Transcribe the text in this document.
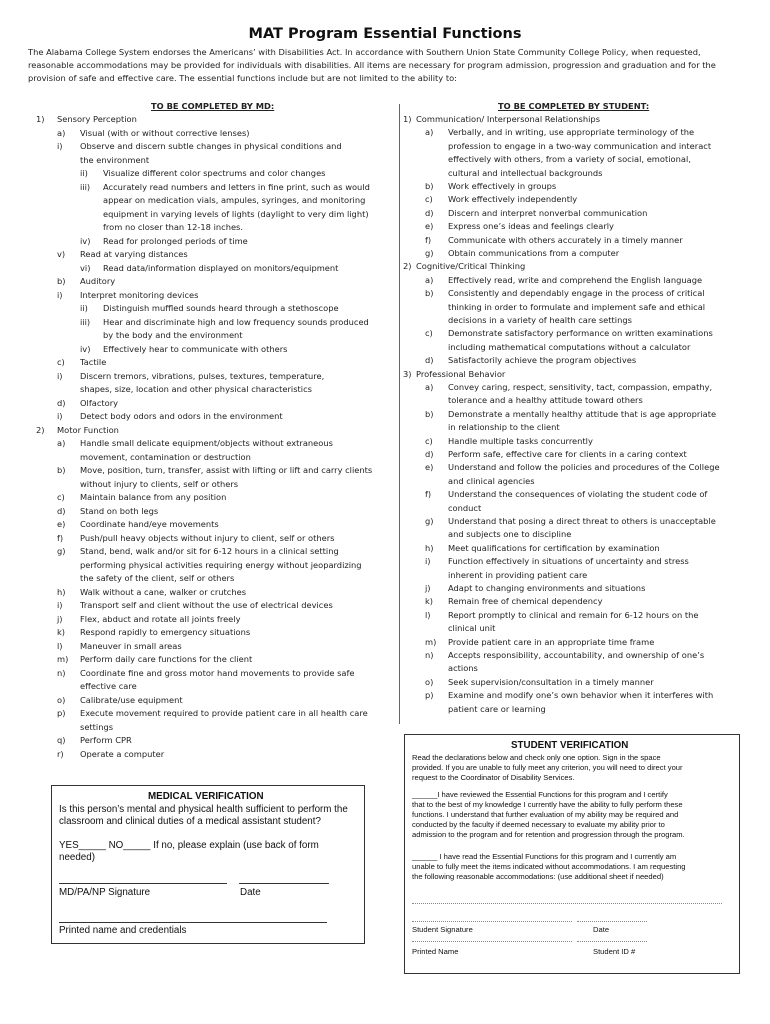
MAT Program Essential Functions
The Alabama College System endorses the Americans’ with Disabilities Act. In accordance with Southern Union State Community College Policy, when requested, reasonable accommodations may be provided for individuals with disabilities. All items are necessary for program admission, progression and graduation and for the provision of safe and effective care. The essential functions include but are not limited to the ability to:
TO BE COMPLETED BY MD:
1) Sensory Perception
a) Visual (with or without corrective lenses)
i) Observe and discern subtle changes in physical conditions and
the environment
ii) Visualize different color spectrums and color changes
iii) Accurately read numbers and letters in fine print, such as would
appear on medication vials, ampules, syringes, and monitoring
equipment in varying levels of lights (daylight to very dim light)
from no closer than 12-18 inches.
iv) Read for prolonged periods of time
v) Read at varying distances
vi) Read data/information displayed on monitors/equipment
b) Auditory
i) Interpret monitoring devices
ii) Distinguish muffled sounds heard through a stethoscope
iii) Hear and discriminate high and low frequency sounds produced
by the body and the environment
iv) Effectively hear to communicate with others
c) Tactile
i) Discern tremors, vibrations, pulses, textures, temperature,
shapes, size, location and other physical characteristics
d) Olfactory
i) Detect body odors and odors in the environment
2) Motor Function
a) Handle small delicate equipment/objects without extraneous
movement, contamination or destruction
b) Move, position, turn, transfer, assist with lifting or lift and carry clients
without injury to clients, self or others
c) Maintain balance from any position
d) Stand on both legs
e) Coordinate hand/eye movements
f) Push/pull heavy objects without injury to client, self or others
g) Stand, bend, walk and/or sit for 6-12 hours in a clinical setting
performing physical activities requiring energy without jeopardizing
the safety of the client, self or others
h) Walk without a cane, walker or crutches
i) Transport self and client without the use of electrical devices
j) Flex, abduct and rotate all joints freely
k) Respond rapidly to emergency situations
l) Maneuver in small areas
m) Perform daily care functions for the client
n) Coordinate fine and gross motor hand movements to provide safe
effective care
o) Calibrate/use equipment
p) Execute movement required to provide patient care in all health care
settings
q) Perform CPR
r) Operate a computer
TO BE COMPLETED BY STUDENT:
1) Communication/ Interpersonal Relationships
a) Verbally, and in writing, use appropriate terminology of the
profession to engage in a two-way communication and interact
effectively with others, from a variety of social, emotional,
cultural and intellectual backgrounds
b) Work effectively in groups
c) Work effectively independently
d) Discern and interpret nonverbal communication
e) Express one’s ideas and feelings clearly
f) Communicate with others accurately in a timely manner
g) Obtain communications from a computer
2) Cognitive/Critical Thinking
a) Effectively read, write and comprehend the English language
b) Consistently and dependably engage in the process of critical
thinking in order to formulate and implement safe and ethical
decisions in a variety of health care settings
c) Demonstrate satisfactory performance on written examinations
including mathematical computations without a calculator
d) Satisfactorily achieve the program objectives
3) Professional Behavior
a) Convey caring, respect, sensitivity, tact, compassion, empathy,
tolerance and a healthy attitude toward others
b) Demonstrate a mentally healthy attitude that is age appropriate
in relationship to the client
c) Handle multiple tasks concurrently
d) Perform safe, effective care for clients in a caring context
e) Understand and follow the policies and procedures of the College
and clinical agencies
f) Understand the consequences of violating the student code of
conduct
g) Understand that posing a direct threat to others is unacceptable
and subjects one to discipline
h) Meet qualifications for certification by examination
i) Function effectively in situations of uncertainty and stress
inherent in providing patient care
j) Adapt to changing environments and situations
k) Remain free of chemical dependency
l) Report promptly to clinical and remain for 6-12 hours on the
clinical unit
m) Provide patient care in an appropriate time frame
n) Accepts responsibility, accountability, and ownership of one’s
actions
o) Seek supervision/consultation in a timely manner
p) Examine and modify one’s own behavior when it interferes with
patient care or learning
MEDICAL VERIFICATION
Is this person’s mental and physical health sufficient to perform the
classroom and clinical duties of a medical assistant student?
YES_____ NO_____ If no, please explain (use back of form
needed)
MD/PA/NP Signature	Date
Printed name and credentials
STUDENT VERIFICATION
Read the declarations below and check only one option. Sign in the space
provided. If you are unable to fully meet any criterion, you will need to direct your
request to the Coordinator of Disability Services.
______I have reviewed the Essential Functions for this program and I certify
that to the best of my knowledge I currently have the ability to fully perform these
functions. I understand that further evaluation of my ability may be required and
conducted by the faculty if deemed necessary to evaluate my ability prior to
admission to the program and for retention and progression through the program.
______ I have read the Essential Functions for this program and I currently am
unable to fully meet the items indicated without accommodations. I am requesting
the following reasonable accommodations: (use additional sheet if needed)
Student Signature	Date
Printed Name	Student ID #
